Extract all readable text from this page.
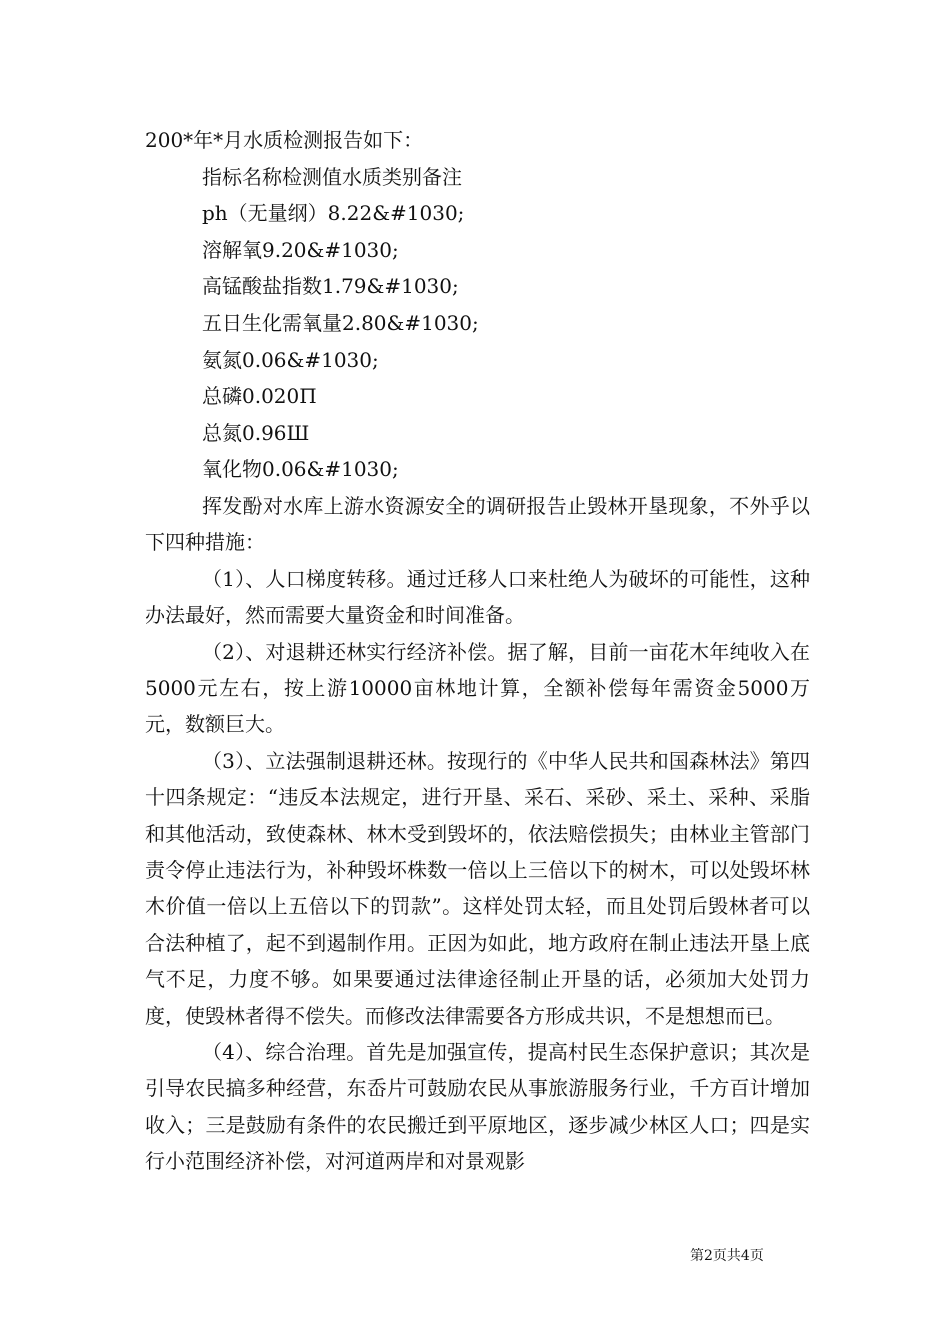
200*年*月水质检测报告如下：

指标名称检测值水质类别备注

ph（无量纲）8.22&#1030;

溶解氧9.20&#1030;

高锰酸盐指数1.79&#1030;

五日生化需氧量2.80&#1030;

氨氮0.06&#1030;

总磷0.020Π

总氮0.96Ш

氧化物0.06&#1030;

挥发酚对水库上游水资源安全的调研报告止毁林开垦现象，不外乎以下四种措施：

（1）、人口梯度转移。通过迁移人口来杜绝人为破坏的可能性，这种办法最好，然而需要大量资金和时间准备。

（2）、对退耕还林实行经济补偿。据了解，目前一亩花木年纯收入在5000元左右，按上游10000亩林地计算，全额补偿每年需资金5000万元，数额巨大。

（3）、立法强制退耕还林。按现行的《中华人民共和国森林法》第四十四条规定：“违反本法规定，进行开垦、采石、采砂、采土、采种、采脂和其他活动，致使森林、林木受到毁坏的，依法赔偿损失；由林业主管部门责令停止违法行为，补种毁坏株数一倍以上三倍以下的树木，可以处毁坏林木价值一倍以上五倍以下的罚款”。这样处罚太轻，而且处罚后毁林者可以合法种植了，起不到遏制作用。正因为如此，地方政府在制止违法开垦上底气不足，力度不够。如果要通过法律途径制止开垦的话，必须加大处罚力度，使毁林者得不偿失。而修改法律需要各方形成共识，不是想想而已。

（4）、综合治理。首先是加强宣传，提高村民生态保护意识；其次是引导农民搞多种经营，东岙片可鼓励农民从事旅游服务行业，千方百计增加收入；三是鼓励有条件的农民搬迁到平原地区，逐步减少林区人口；四是实行小范围经济补偿，对河道两岸和对景观影

第2页共4页
